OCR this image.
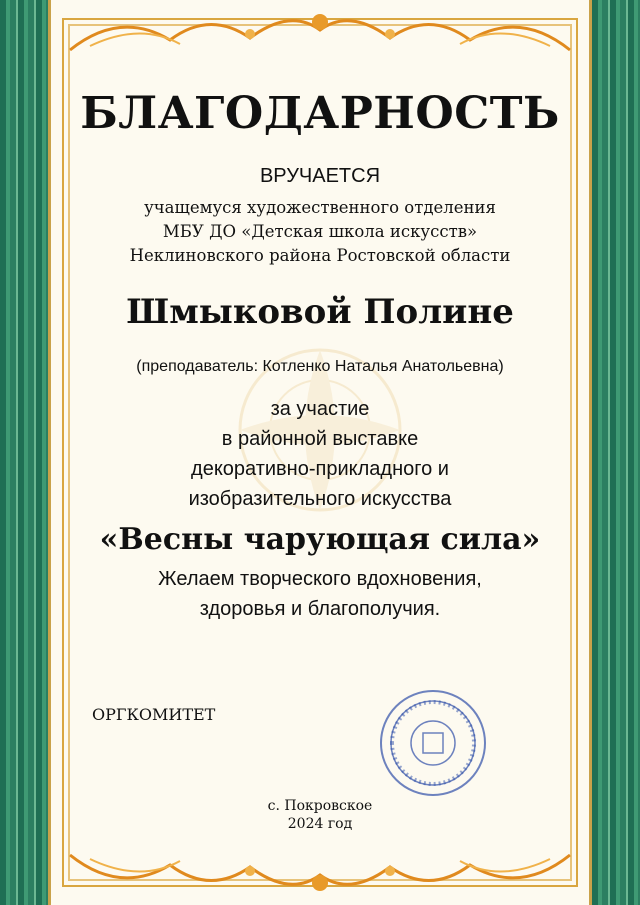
БЛАГОДАРНОСТЬ
ВРУЧАЕТСЯ
учащемуся художественного отделения
МБУ ДО «Детская школа искусств»
Неклиновского района Ростовской области
Шмыковой Полине
(преподаватель: Котленко Наталья Анатольевна)
за участие
в районной выставке
декоративно-прикладного и
изобразительного искусства
«Весны чарующая сила»
Желаем творческого вдохновения,
здоровья и благополучия.
ОРГКОМИТЕТ
с. Покровское
2024 год
